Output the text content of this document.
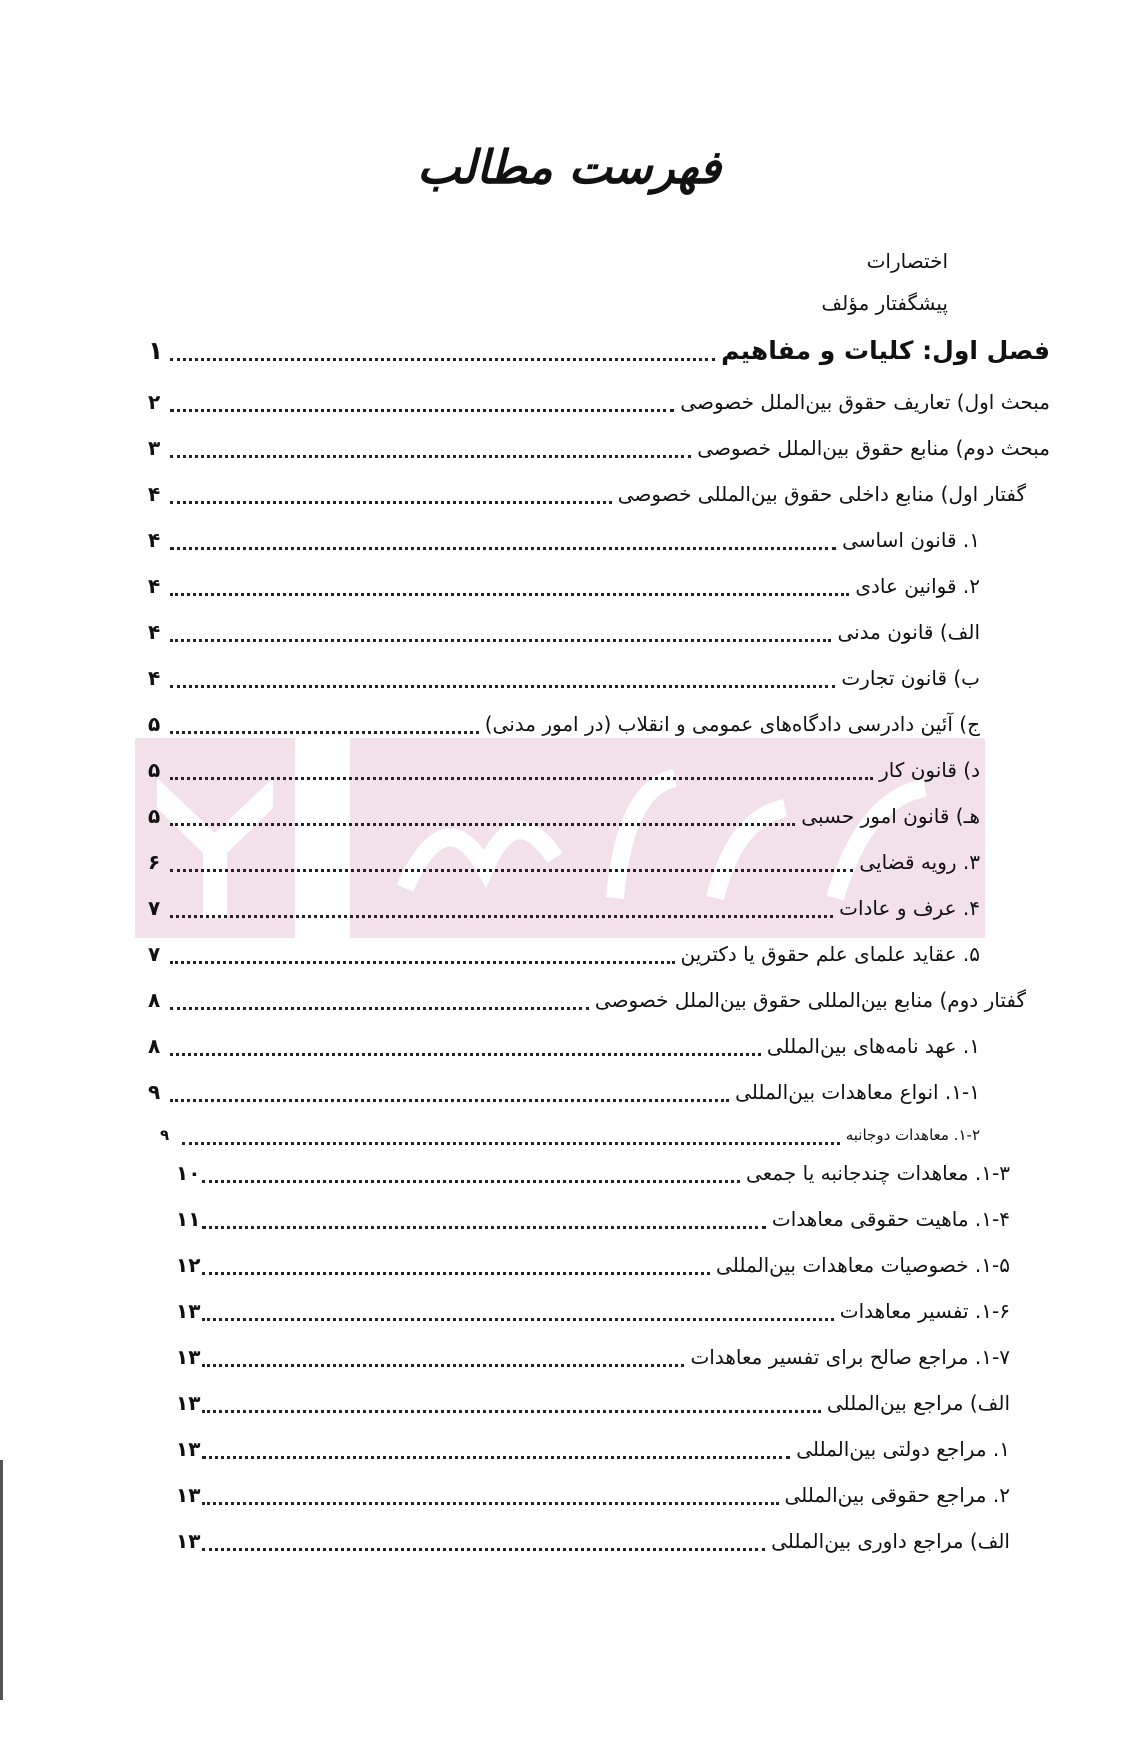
فهرست مطالب
اختصارات
پیشگفتار مؤلف
فصل اول: کلیات و مفاهیم
۱
مبحث اول) تعاریف حقوق بین‌الملل خصوصی
۲
مبحث دوم) منابع حقوق بین‌الملل خصوصی
۳
گفتار اول) منابع داخلی حقوق بین‌المللی خصوصی
۴
۱. قانون اساسی
۴
۲. قوانین عادی
۴
الف) قانون مدنی
۴
ب) قانون تجارت
۴
ج) آئین دادرسی دادگاه‌های عمومی و انقلاب (در امور مدنی)
۵
د) قانون کار
۵
هـ) قانون امور حسبی
۵
۳. رویه قضایی
۶
۴. عرف و عادات
۷
۵. عقاید علمای علم حقوق یا دکترین
۷
گفتار دوم) منابع بین‌المللی حقوق بین‌الملل خصوصی
۸
۱. عهد نامه‌های بین‌المللی
۸
۱-۱. انواع معاهدات بین‌المللی
۹
۱-۲. معاهدات دوجانبه
۹
۱-۳. معاهدات چندجانبه یا جمعی
۱۰
۱-۴. ماهیت حقوقی معاهدات
۱۱
۱-۵. خصوصیات معاهدات بین‌المللی
۱۲
۱-۶. تفسیر معاهدات
۱۳
۱-۷. مراجع صالح برای تفسیر معاهدات
۱۳
الف) مراجع بین‌المللی
۱۳
۱. مراجع دولتی بین‌المللی
۱۳
۲. مراجع حقوقی بین‌المللی
۱۳
الف) مراجع داوری بین‌المللی
۱۳
